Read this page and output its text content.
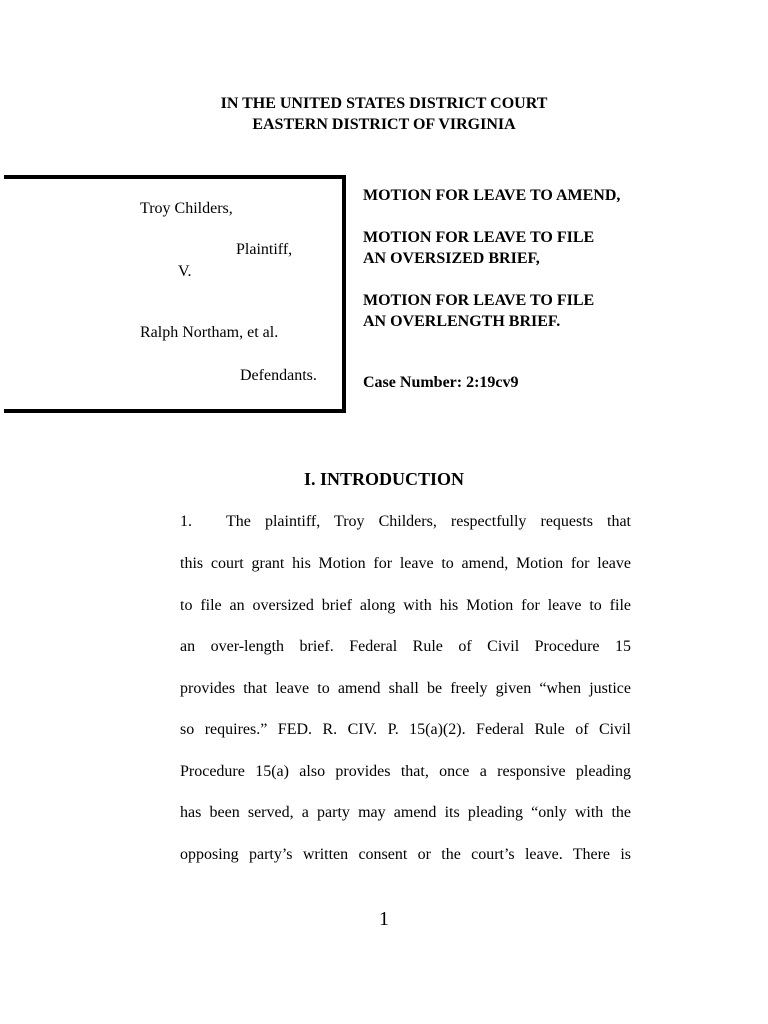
IN THE UNITED STATES DISTRICT COURT
EASTERN DISTRICT OF VIRGINIA
Troy Childers,
Plaintiff,
V.
Ralph Northam, et al.
Defendants.
MOTION FOR LEAVE TO AMEND,
MOTION FOR LEAVE TO FILE
AN OVERSIZED BRIEF,
MOTION FOR LEAVE TO FILE
AN OVERLENGTH BRIEF.
Case Number: 2:19cv9
I. INTRODUCTION
1.	The plaintiff, Troy Childers, respectfully requests that
this court grant his Motion for leave to amend, Motion for leave
to file an oversized brief along with his Motion for leave to file
an over-length brief. Federal Rule of Civil Procedure 15
provides that leave to amend shall be freely given “when justice
so requires.” FED. R. CIV. P. 15(a)(2). Federal Rule of Civil
Procedure 15(a) also provides that, once a responsive pleading
has been served, a party may amend its pleading “only with the
opposing party’s written consent or the court’s leave. There is
1
